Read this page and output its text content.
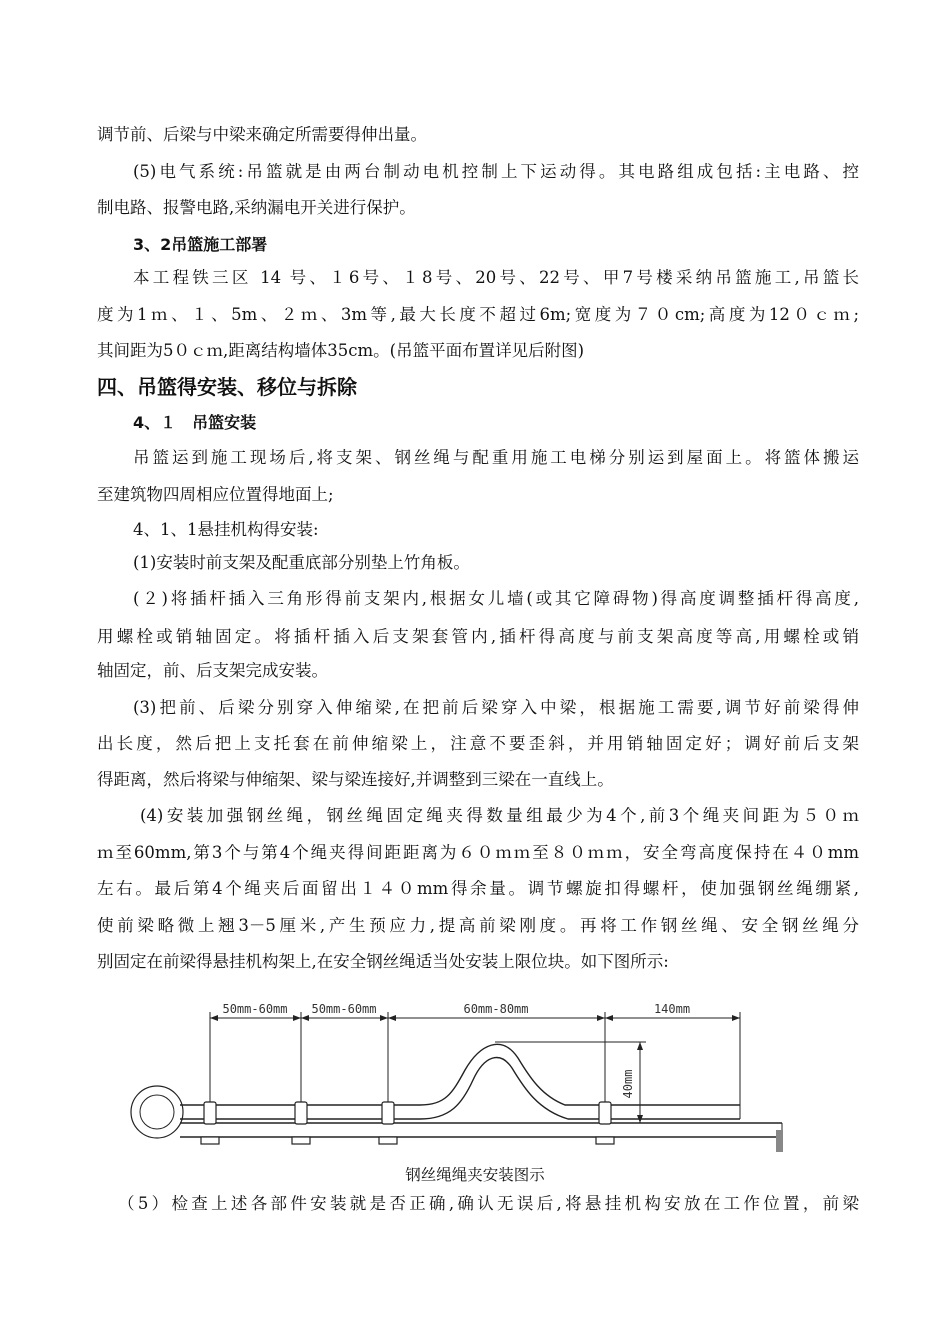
调节前、后梁与中梁来确定所需要得伸出量。
(5)电气系统:吊篮就是由两台制动电机控制上下运动得。其电路组成包括:主电路、控
制电路、报警电路,采纳漏电开关进行保护。
3、2吊篮施工部署
本工程铁三区 14 号、１6号、１8号、20号、22号、甲7号楼采纳吊篮施工,吊篮长
度为1ｍ、１、5m、２ｍ、3m等,最大长度不超过6m;宽度为７０cm;高度为12０ｃｍ;
其间距为5０ｃｍ,距离结构墙体35cm。(吊篮平面布置详见后附图)
四、吊篮得安装、移位与拆除
4、１　吊篮安装
吊篮运到施工现场后,将支架、钢丝绳与配重用施工电梯分别运到屋面上。将篮体搬运
至建筑物四周相应位置得地面上;
4、1、1悬挂机构得安装:
(1)安装时前支架及配重底部分别垫上竹角板。
(２)将插杆插入三角形得前支架内,根据女儿墙(或其它障碍物)得高度调整插杆得高度,
用螺栓或销轴固定。将插杆插入后支架套管内,插杆得高度与前支架高度等高,用螺栓或销
轴固定，前、后支架完成安装。
(3)把前、后梁分别穿入伸缩梁,在把前后梁穿入中梁，根据施工需要,调节好前梁得伸
出长度，然后把上支托套在前伸缩梁上，注意不要歪斜，并用销轴固定好；调好前后支架
得距离，然后将梁与伸缩架、梁与梁连接好,并调整到三梁在一直线上。
(4)安装加强钢丝绳，钢丝绳固定绳夹得数量组最少为4个,前3个绳夹间距为５０ｍ
ｍ至60mm,第3个与第4个绳夹得间距距离为６０ｍｍ至８０ｍｍ，安全弯高度保持在４０mm
左右。最后第4个绳夹后面留出１４０mm得余量。调节螺旋扣得螺杆，使加强钢丝绳绷紧,
使前梁略微上翘3－5厘米,产生预应力,提高前梁刚度。再将工作钢丝绳、安全钢丝绳分
别固定在前梁得悬挂机构架上,在安全钢丝绳适当处安装上限位块。如下图所示:
50mm-60mm 50mm-60mm	60mm-80mm	140mm
40mm
钢丝绳绳夹安装图示
（5）检查上述各部件安装就是否正确,确认无误后,将悬挂机构安放在工作位置，前梁
